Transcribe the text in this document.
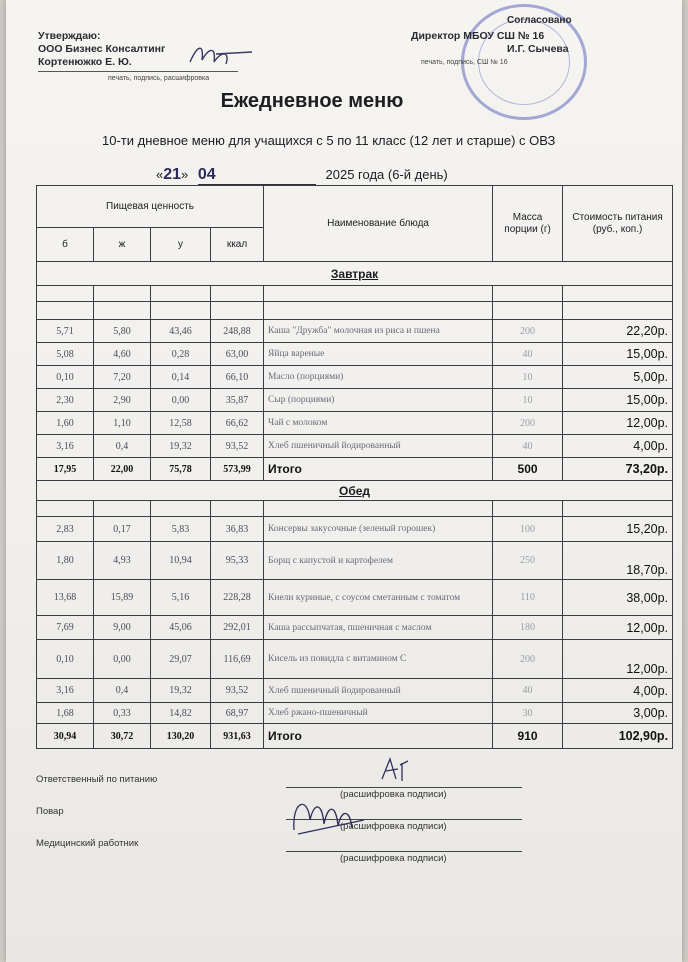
Утверждаю:
ООО Бизнес Консалтинг
Кортенюжко Е. Ю.
печать, подпись, расшифровка
Согласовано
Директор МБОУ СШ № 16
И.Г. Сычева
печать, подпись, СШ № 16
Ежедневное меню
10-ти дневное меню для учащихся с 5 по 11 класс (12 лет и старше) с ОВЗ
«21» 04	2025 года (6-й день)
Пищевая ценность				Наименование блюда	Масса порции (г)	Стоимость питания (руб., коп.)
б	ж	у	ккал			
Завтрак						

5,71	5,80	43,46	248,88	Каша "Дружба" молочная из риса и пшена	200	22,20р.
5,08	4,60	0,28	63,00	Яйца вареные	40	15,00р.
0,10	7,20	0,14	66,10	Масло (порциями)	10	5,00р.
2,30	2,90	0,00	35,87	Сыр (порциями)	10	15,00р.
1,60	1,10	12,58	66,62	Чай с молоком	200	12,00р.
3,16	0,4	19,32	93,52	Хлеб пшеничный йодированный	40	4,00р.
17,95	22,00	75,78	573,99	Итого	500	73,20р.
Обед						

2,83	0,17	5,83	36,83	Консервы закусочные (зеленый горошек)	100	15,20р.
1,80	4,93	10,94	95,33	Борщ с капустой и картофелем	250	18,70р.
13,68	15,89	5,16	228,28	Кнели куриные, с соусом сметанным с томатом	110	38,00р.
7,69	9,00	45,06	292,01	Каша рассыпчатая, пшеничная с маслом	180	12,00р.
0,10	0,00	29,07	116,69	Кисель из повидла с витамином С	200	12,00р.
3,16	0,4	19,32	93,52	Хлеб пшеничный йодированный	40	4,00р.
1,68	0,33	14,82	68,97	Хлеб ржано-пшеничный	30	3,00р.
30,94	30,72	130,20	931,63	Итого	910	102,90р.
Ответственный по питанию
(расшифровка подписи)
Повар
(расшифровка подписи)
Медицинский работник
(расшифровка подписи)
